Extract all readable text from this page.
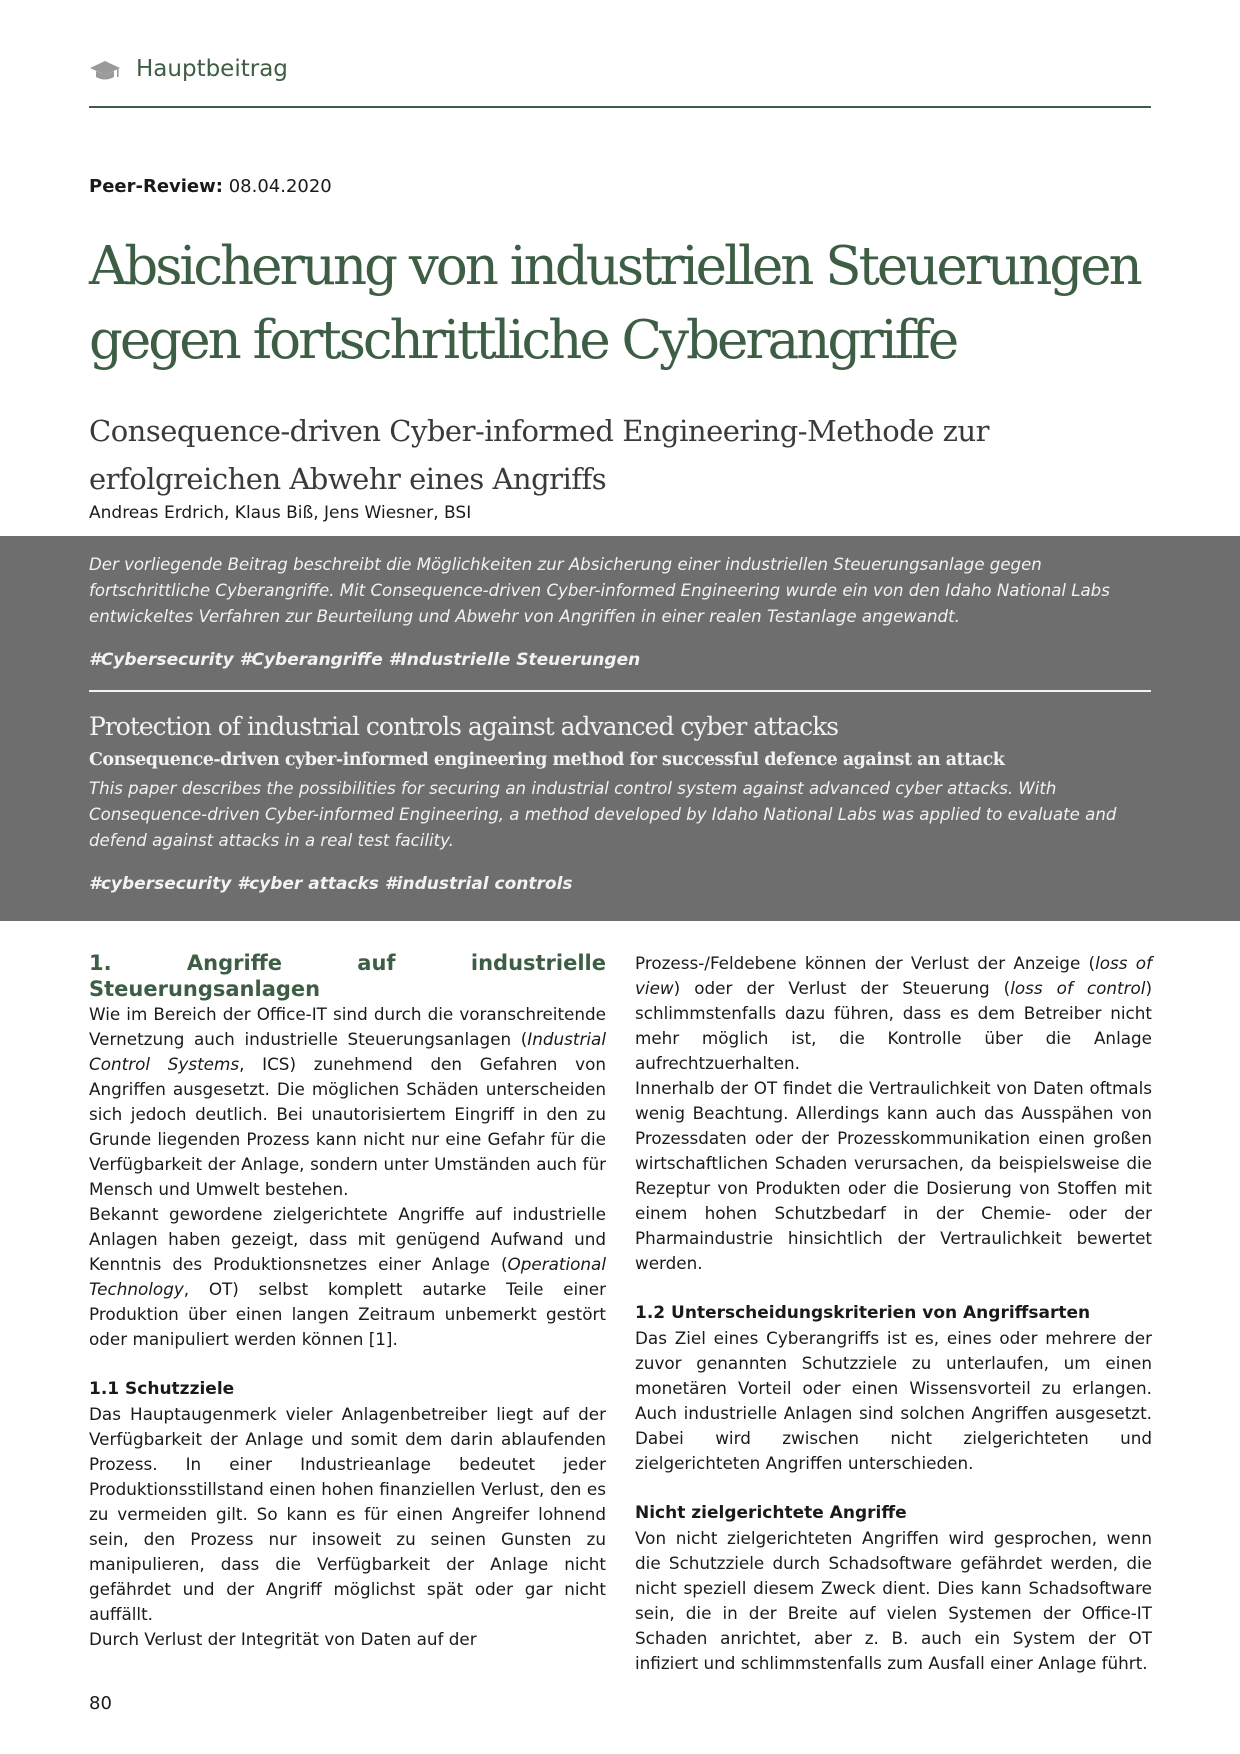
Hauptbeitrag
Peer-Review: 08.04.2020
Absicherung von industriellen Steuerungen
gegen fortschrittliche Cyberangriffe
Consequence-driven Cyber-informed Engineering-Methode zur
erfolgreichen Abwehr eines Angriffs
Andreas Erdrich, Klaus Biß, Jens Wiesner, BSI
Der vorliegende Beitrag beschreibt die Möglichkeiten zur Absicherung einer industriellen Steuerungsanlage gegen fortschrittliche Cyberangriffe. Mit Consequence-driven Cyber-informed Engineering wurde ein von den Idaho National Labs entwickeltes Verfahren zur Beurteilung und Abwehr von Angriffen in einer realen Testanlage angewandt.
#Cybersecurity #Cyberangriffe #Industrielle Steuerungen
Protection of industrial controls against advanced cyber attacks
Consequence-driven cyber-informed engineering method for successful defence against an attack
This paper describes the possibilities for securing an industrial control system against advanced cyber attacks. With Consequence-driven Cyber-informed Engineering, a method developed by Idaho National Labs was applied to evaluate and defend against attacks in a real test facility.
#cybersecurity #cyber attacks #industrial controls

1. Angriffe auf industrielle Steuerungsanlagen

Wie im Bereich der Office-IT sind durch die voranschreitende Vernetzung auch industrielle Steuerungsanlagen (Industrial Control Systems, ICS) zunehmend den Gefahren von Angriffen ausgesetzt. Die möglichen Schäden unterscheiden sich jedoch deutlich. Bei unautorisiertem Eingriff in den zu Grunde liegenden Prozess kann nicht nur eine Gefahr für die Verfügbarkeit der Anlage, sondern unter Umständen auch für Mensch und Umwelt bestehen.

Bekannt gewordene zielgerichtete Angriffe auf industrielle Anlagen haben gezeigt, dass mit genügend Aufwand und Kenntnis des Produktionsnetzes einer Anlage (Operational Technology, OT) selbst komplett autarke Teile einer Produktion über einen langen Zeitraum unbemerkt gestört oder manipuliert werden können [1].

1.1 Schutzziele

Das Hauptaugenmerk vieler Anlagenbetreiber liegt auf der Verfügbarkeit der Anlage und somit dem darin ablaufenden Prozess. In einer Industrieanlage bedeutet jeder Produktionsstillstand einen hohen finanziellen Verlust, den es zu vermeiden gilt. So kann es für einen Angreifer lohnend sein, den Prozess nur insoweit zu seinen Gunsten zu manipulieren, dass die Verfügbarkeit der Anlage nicht gefährdet und der Angriff möglichst spät oder gar nicht auffällt.

Durch Verlust der Integrität von Daten auf der

Prozess-/Feldebene können der Verlust der Anzeige (loss of view) oder der Verlust der Steuerung (loss of control) schlimmstenfalls dazu führen, dass es dem Betreiber nicht mehr möglich ist, die Kontrolle über die Anlage aufrechtzuerhalten.

Innerhalb der OT findet die Vertraulichkeit von Daten oftmals wenig Beachtung. Allerdings kann auch das Ausspähen von Prozessdaten oder der Prozesskommunikation einen großen wirtschaftlichen Schaden verursachen, da beispielsweise die Rezeptur von Produkten oder die Dosierung von Stoffen mit einem hohen Schutzbedarf in der Chemie- oder der Pharmaindustrie hinsichtlich der Vertraulichkeit bewertet werden.

1.2 Unterscheidungskriterien von Angriffsarten

Das Ziel eines Cyberangriffs ist es, eines oder mehrere der zuvor genannten Schutzziele zu unterlaufen, um einen monetären Vorteil oder einen Wissensvorteil zu erlangen. Auch industrielle Anlagen sind solchen Angriffen ausgesetzt. Dabei wird zwischen nicht zielgerichteten und zielgerichteten Angriffen unterschieden.

Nicht zielgerichtete Angriffe

Von nicht zielgerichteten Angriffen wird gesprochen, wenn die Schutzziele durch Schadsoftware gefährdet werden, die nicht speziell diesem Zweck dient. Dies kann Schadsoftware sein, die in der Breite auf vielen Systemen der Office-IT Schaden anrichtet, aber z. B. auch ein System der OT infiziert und schlimmstenfalls zum Ausfall einer Anlage führt.

80
